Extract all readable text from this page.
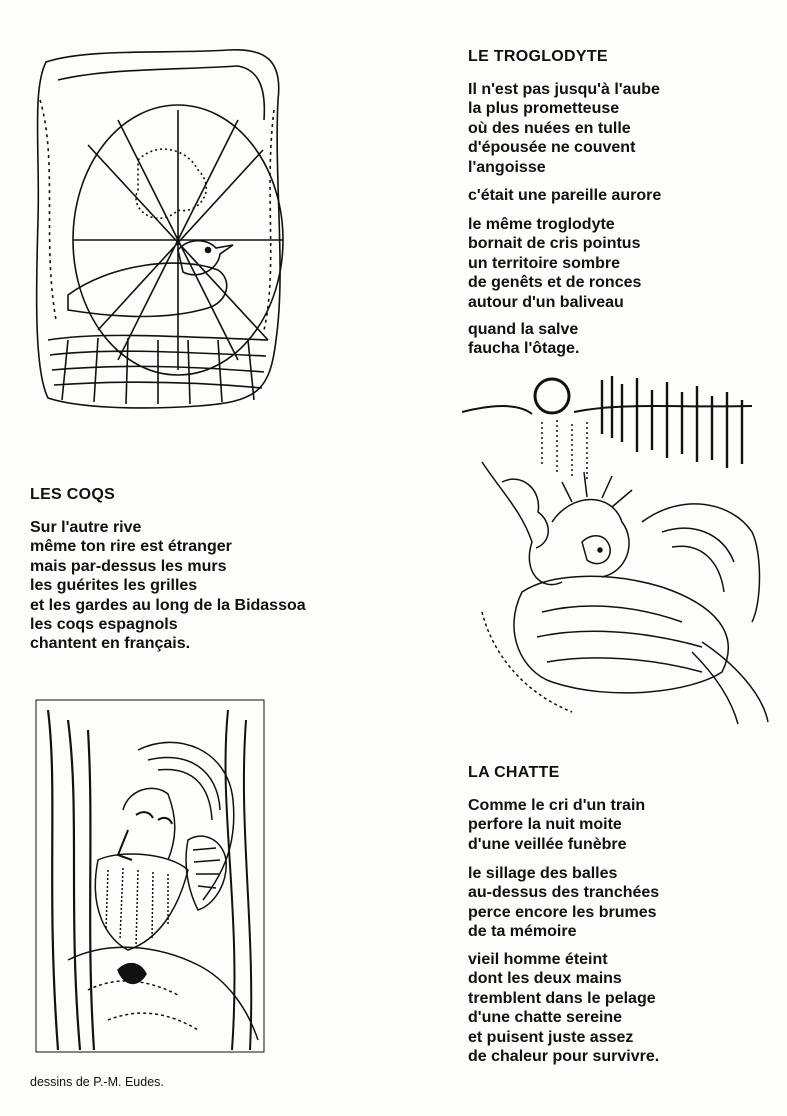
LE TROGLODYTE
Il n'est pas jusqu'à l'aube
la plus prometteuse
où des nuées en tulle
d'épousée ne couvent
l'angoisse
c'était une pareille aurore
le même troglodyte
bornait de cris pointus
un territoire sombre
de genêts et de ronces
autour d'un baliveau
quand la salve
faucha l'ôtage.
LES COQS
Sur l'autre rive
même ton rire est étranger
mais par-dessus les murs
les guérites les grilles
et les gardes au long de la Bidassoa
les coqs espagnols
chantent en français.
LA CHATTE
Comme le cri d'un train
perfore la nuit moite
d'une veillée funèbre
le sillage des balles
au-dessus des tranchées
perce encore les brumes
de ta mémoire
vieil homme éteint
dont les deux mains
tremblent dans le pelage
d'une chatte sereine
et puisent juste assez
de chaleur pour survivre.
dessins de P.-M. Eudes.
